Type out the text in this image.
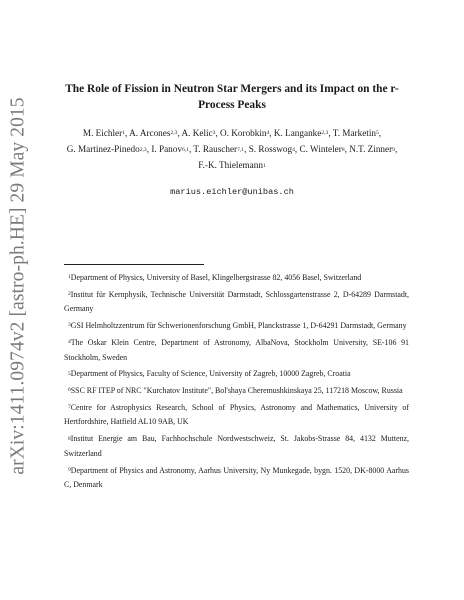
arXiv:1411.0974v2 [astro-ph.HE] 29 May 2015
The Role of Fission in Neutron Star Mergers and its Impact on the r-Process Peaks
M. Eichler$^1$, A. Arcones$^{2,3}$, A. Kelic$^3$, O. Korobkin$^4$, K. Langanke$^{2,3}$, T. Marketin$^5$,
G. Martinez-Pinedo$^{2,3}$, I. Panov$^{6,1}$, T. Rauscher$^{7,1}$, S. Rosswog$^4$, C. Winteler$^8$, N.T. Zinner$^9$,
F.-K. Thielemann$^1$
marius.eichler@unibas.ch

$^1$Department of Physics, University of Basel, Klingelbergstrasse 82, 4056 Basel, Switzerland

$^2$Institut für Kernphysik, Technische Universität Darmstadt, Schlossgartenstrasse 2, D-64289 Darmstadt, Germany

$^3$GSI Helmholtzzentrum für Schwerionenforschung GmbH, Planckstrasse 1, D-64291 Darmstadt, Germany

$^4$The Oskar Klein Centre, Department of Astronomy, AlbaNova, Stockholm University, SE-106 91 Stockholm, Sweden

$^5$Department of Physics, Faculty of Science, University of Zagreb, 10000 Zagreb, Croatia

$^6$SSC RF ITEP of NRC "Kurchatov Institute", Bol'shaya Cheremushkinskaya 25, 117218 Moscow, Russia

$^7$Centre for Astrophysics Research, School of Physics, Astronomy and Mathematics, University of Hertfordshire, Hatfield AL10 9AB, UK

$^8$Institut Energie am Bau, Fachhochschule Nordwestschweiz, St. Jakobs-Strasse 84, 4132 Muttenz, Switzerland

$^9$Department of Physics and Astronomy, Aarhus University, Ny Munkegade, bygn. 1520, DK-8000 Aarhus C, Denmark
